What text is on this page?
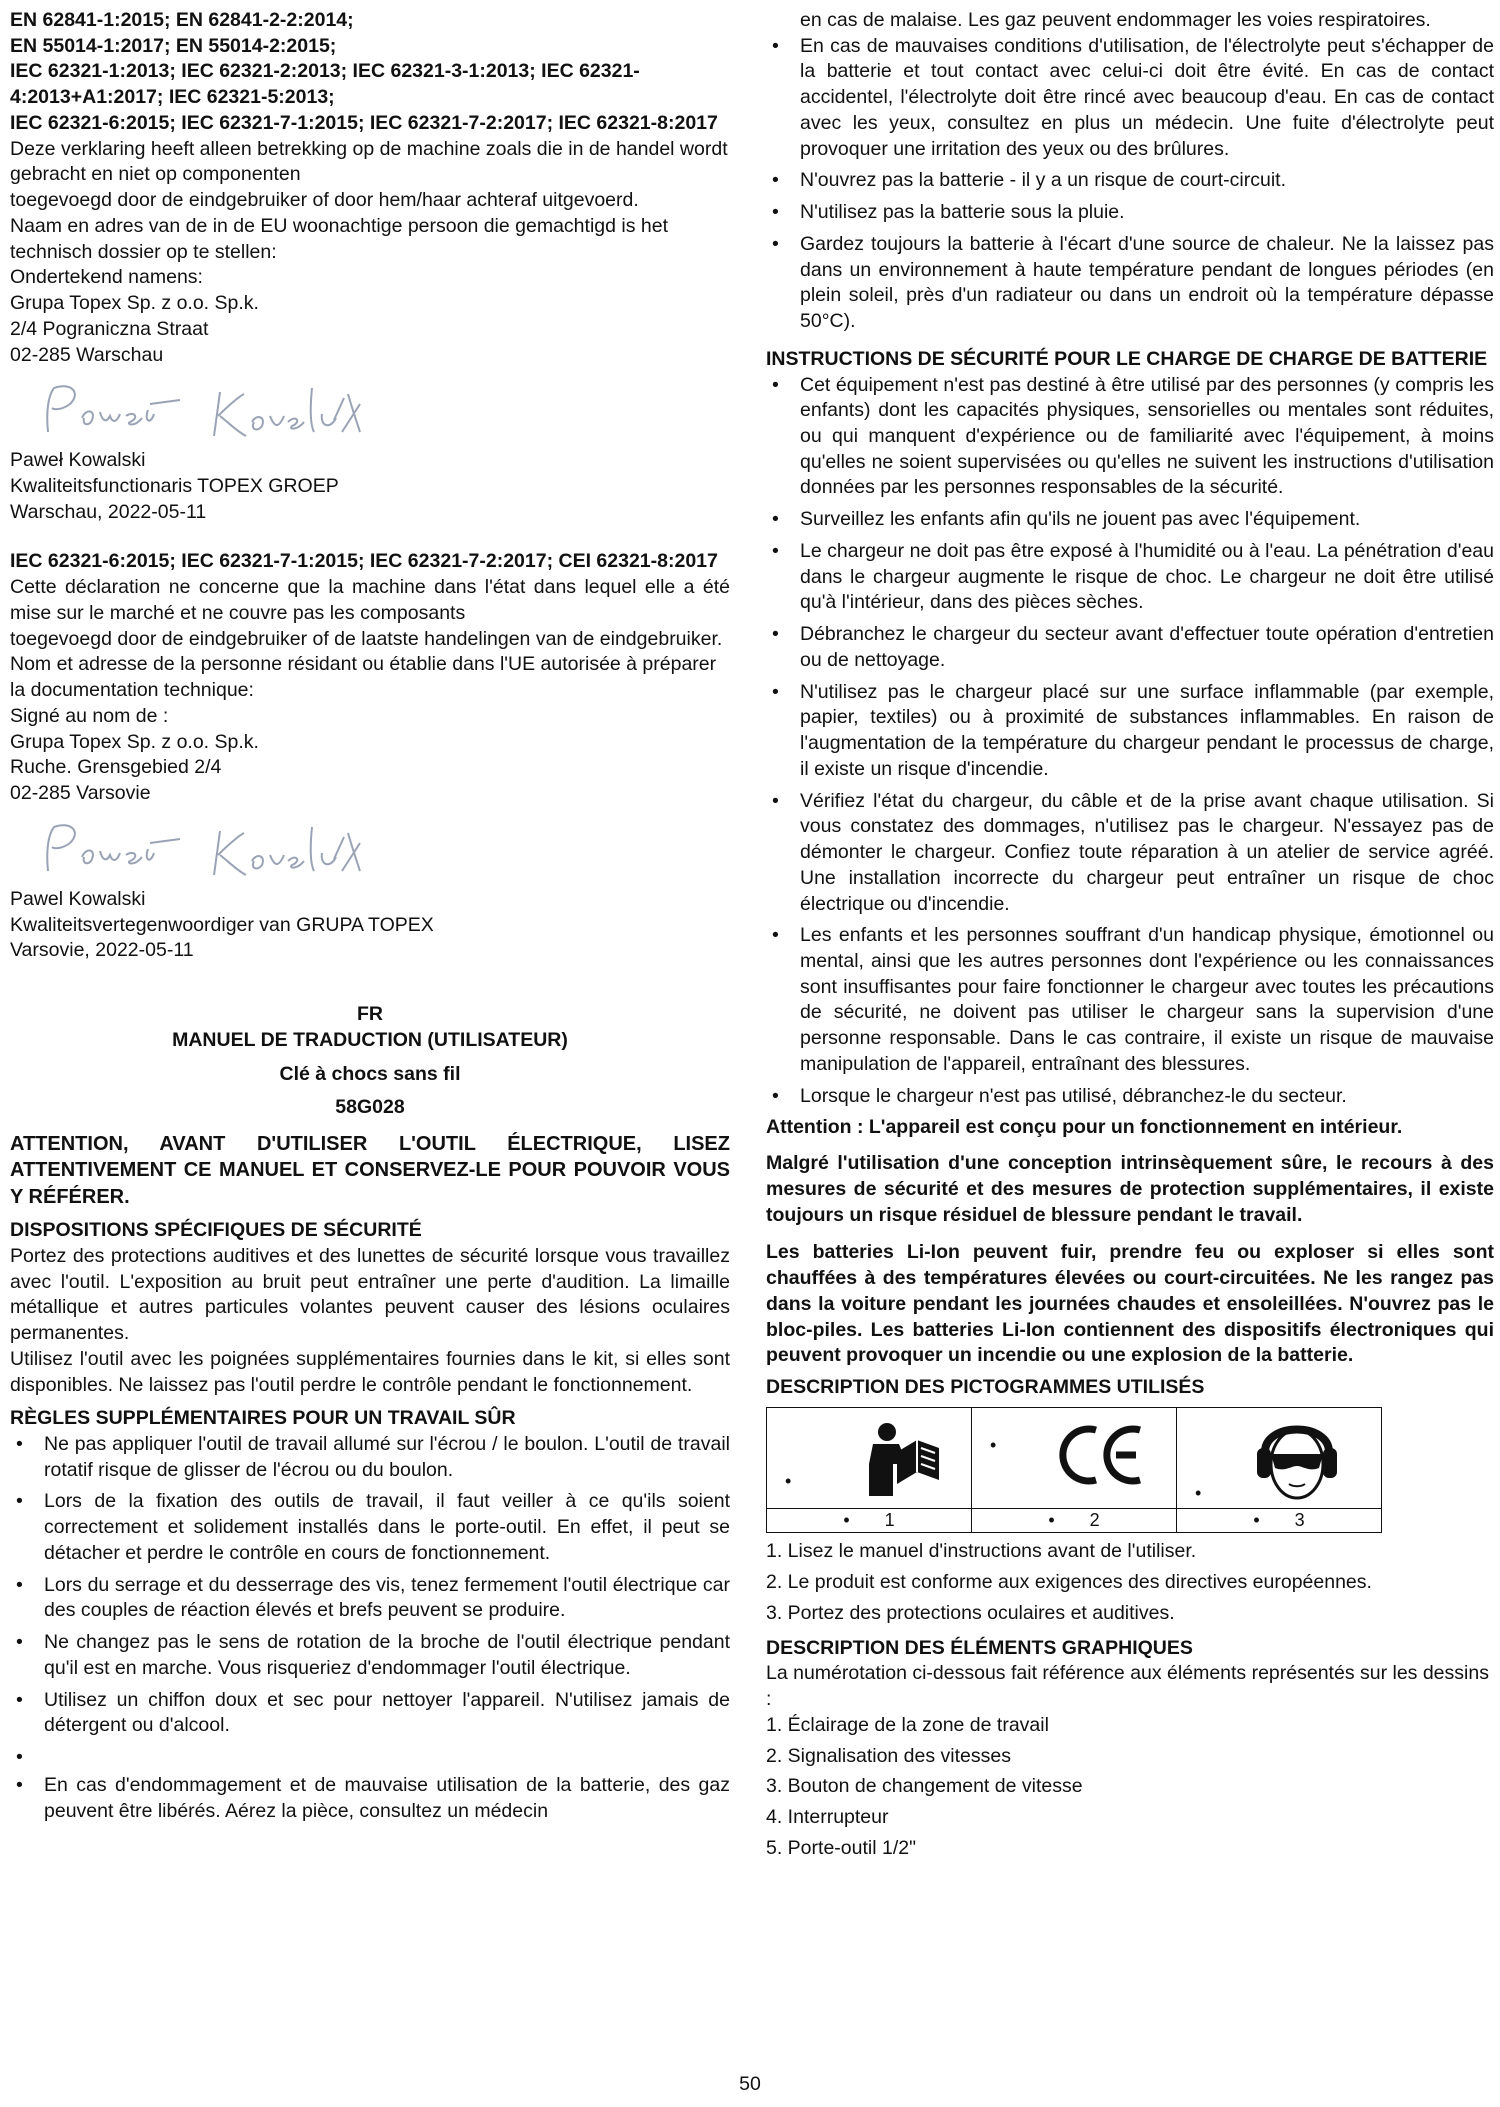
EN 62841-1:2015; EN 62841-2-2:2014;

EN 55014-1:2017; EN 55014-2:2015;

IEC 62321-1:2013; IEC 62321-2:2013; IEC 62321-3-1:2013; IEC 62321-4:2013+A1:2017; IEC 62321-5:2013;

IEC 62321-6:2015; IEC 62321-7-1:2015; IEC 62321-7-2:2017; IEC 62321-8:2017

Deze verklaring heeft alleen betrekking op de machine zoals die in de handel wordt gebracht en niet op componenten

toegevoegd door de eindgebruiker of door hem/haar achteraf uitgevoerd.

Naam en adres van de in de EU woonachtige persoon die gemachtigd is het technisch dossier op te stellen:

Ondertekend namens:

Grupa Topex Sp. z o.o. Sp.k.

2/4 Pograniczna Straat

02-285 Warschau

Paweł Kowalski

Kwaliteitsfunctionaris TOPEX GROEP

Warschau, 2022-05-11

IEC 62321-6:2015; IEC 62321-7-1:2015; IEC 62321-7-2:2017; CEI 62321-8:2017

Cette déclaration ne concerne que la machine dans l'état dans lequel elle a été mise sur le marché et ne couvre pas les composants

toegevoegd door de eindgebruiker of de laatste handelingen van de eindgebruiker.

Nom et adresse de la personne résidant ou établie dans l'UE autorisée à préparer la documentation technique:

Signé au nom de :

Grupa Topex Sp. z o.o. Sp.k.

Ruche. Grensgebied 2/4

02-285 Varsovie

Pawel Kowalski

Kwaliteitsvertegenwoordiger van GRUPA TOPEX

Varsovie, 2022-05-11

FR

MANUEL DE TRADUCTION (UTILISATEUR)

Clé à chocs sans fil

58G028

ATTENTION, AVANT D'UTILISER L'OUTIL ÉLECTRIQUE, LISEZ ATTENTIVEMENT CE MANUEL ET CONSERVEZ-LE POUR POUVOIR VOUS Y RÉFÉRER.

DISPOSITIONS SPÉCIFIQUES DE SÉCURITÉ

Portez des protections auditives et des lunettes de sécurité lorsque vous travaillez avec l'outil. L'exposition au bruit peut entraîner une perte d'audition. La limaille métallique et autres particules volantes peuvent causer des lésions oculaires permanentes.

Utilisez l'outil avec les poignées supplémentaires fournies dans le kit, si elles sont disponibles. Ne laissez pas l'outil perdre le contrôle pendant le fonctionnement.

RÈGLES SUPPLÉMENTAIRES POUR UN TRAVAIL SÛR

• Ne pas appliquer l'outil de travail allumé sur l'écrou / le boulon. L'outil de travail rotatif risque de glisser de l'écrou ou du boulon.
• Lors de la fixation des outils de travail, il faut veiller à ce qu'ils soient correctement et solidement installés dans le porte-outil. En effet, il peut se détacher et perdre le contrôle en cours de fonctionnement.
• Lors du serrage et du desserrage des vis, tenez fermement l'outil électrique car des couples de réaction élevés et brefs peuvent se produire.
• Ne changez pas le sens de rotation de la broche de l'outil électrique pendant qu'il est en marche. Vous risqueriez d'endommager l'outil électrique.
• Utilisez un chiffon doux et sec pour nettoyer l'appareil. N'utilisez jamais de détergent ou d'alcool.
•
• En cas d'endommagement et de mauvaise utilisation de la batterie, des gaz peuvent être libérés. Aérez la pièce, consultez un médecin

en cas de malaise. Les gaz peuvent endommager les voies respiratoires.

• En cas de mauvaises conditions d'utilisation, de l'électrolyte peut s'échapper de la batterie et tout contact avec celui-ci doit être évité. En cas de contact accidentel, l'électrolyte doit être rincé avec beaucoup d'eau. En cas de contact avec les yeux, consultez en plus un médecin. Une fuite d'électrolyte peut provoquer une irritation des yeux ou des brûlures.
• N'ouvrez pas la batterie - il y a un risque de court-circuit.
• N'utilisez pas la batterie sous la pluie.
• Gardez toujours la batterie à l'écart d'une source de chaleur. Ne la laissez pas dans un environnement à haute température pendant de longues périodes (en plein soleil, près d'un radiateur ou dans un endroit où la température dépasse 50°C).

INSTRUCTIONS DE SÉCURITÉ POUR LE CHARGE DE CHARGE DE BATTERIE

• Cet équipement n'est pas destiné à être utilisé par des personnes (y compris les enfants) dont les capacités physiques, sensorielles ou mentales sont réduites, ou qui manquent d'expérience ou de familiarité avec l'équipement, à moins qu'elles ne soient supervisées ou qu'elles ne suivent les instructions d'utilisation données par les personnes responsables de la sécurité.
• Surveillez les enfants afin qu'ils ne jouent pas avec l'équipement.
• Le chargeur ne doit pas être exposé à l'humidité ou à l'eau. La pénétration d'eau dans le chargeur augmente le risque de choc. Le chargeur ne doit être utilisé qu'à l'intérieur, dans des pièces sèches.
• Débranchez le chargeur du secteur avant d'effectuer toute opération d'entretien ou de nettoyage.
• N'utilisez pas le chargeur placé sur une surface inflammable (par exemple, papier, textiles) ou à proximité de substances inflammables. En raison de l'augmentation de la température du chargeur pendant le processus de charge, il existe un risque d'incendie.
• Vérifiez l'état du chargeur, du câble et de la prise avant chaque utilisation. Si vous constatez des dommages, n'utilisez pas le chargeur. N'essayez pas de démonter le chargeur. Confiez toute réparation à un atelier de service agréé. Une installation incorrecte du chargeur peut entraîner un risque de choc électrique ou d'incendie.
• Les enfants et les personnes souffrant d'un handicap physique, émotionnel ou mental, ainsi que les autres personnes dont l'expérience ou les connaissances sont insuffisantes pour faire fonctionner le chargeur avec toutes les précautions de sécurité, ne doivent pas utiliser le chargeur sans la supervision d'une personne responsable. Dans le cas contraire, il existe un risque de mauvaise manipulation de l'appareil, entraînant des blessures.
• Lorsque le chargeur n'est pas utilisé, débranchez-le du secteur.

Attention : L'appareil est conçu pour un fonctionnement en intérieur.

Malgré l'utilisation d'une conception intrinsèquement sûre, le recours à des mesures de sécurité et des mesures de protection supplémentaires, il existe toujours un risque résiduel de blessure pendant le travail.

Les batteries Li-Ion peuvent fuir, prendre feu ou exploser si elles sont chauffées à des températures élevées ou court-circuitées. Ne les rangez pas dans la voiture pendant les journées chaudes et ensoleillées. N'ouvrez pas le bloc-piles. Les batteries Li-Ion contiennent des dispositifs électroniques qui peuvent provoquer un incendie ou une explosion de la batterie.

DESCRIPTION DES PICTOGRAMMES UTILISÉS

•	•	•

•       1	•       2	•       3
1. Lisez le manuel d'instructions avant de l'utiliser.
2. Le produit est conforme aux exigences des directives européennes.
3. Portez des protections oculaires et auditives.

DESCRIPTION DES ÉLÉMENTS GRAPHIQUES

La numérotation ci-dessous fait référence aux éléments représentés sur les dessins :

1. Éclairage de la zone de travail
2. Signalisation des vitesses
3. Bouton de changement de vitesse
4. Interrupteur
5. Porte-outil 1/2"
50
